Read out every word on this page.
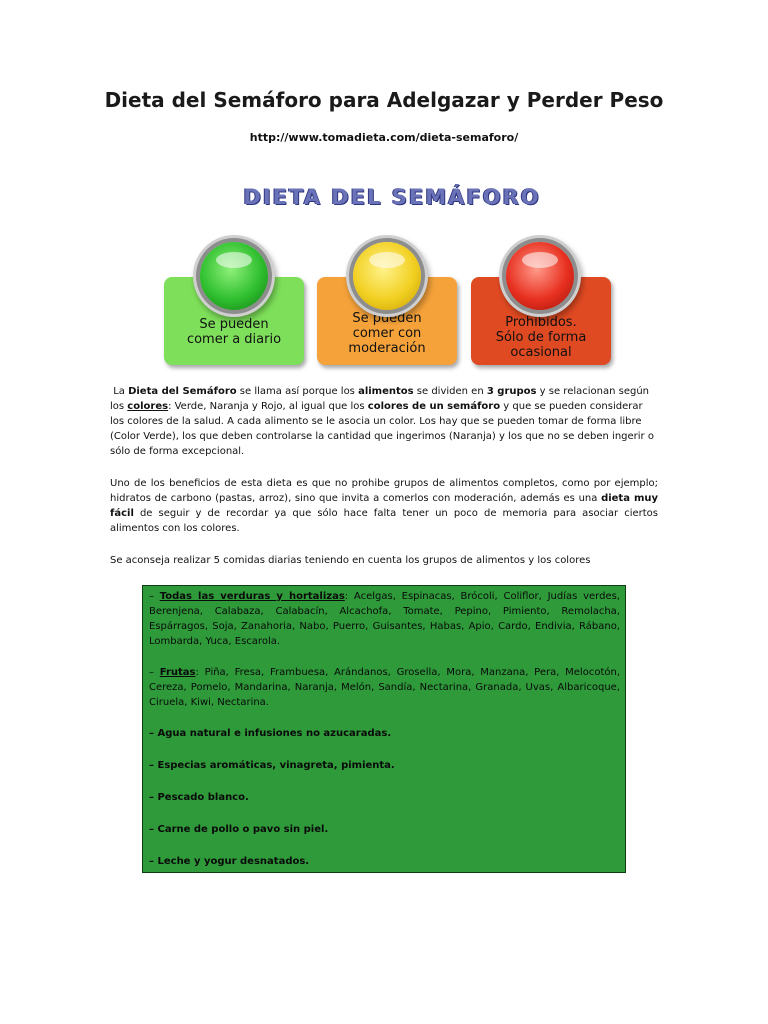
Dieta del Semáforo para Adelgazar y Perder Peso
http://www.tomadieta.com/dieta-semaforo/
DIETA DEL SEMÁFORO
Se pueden
comer a diario
Se pueden
comer con
moderación
Prohibidos.
Sólo de forma
ocasional

La Dieta del Semáforo se llama así porque los alimentos se dividen en 3 grupos y se relacionan según los colores: Verde, Naranja y Rojo, al igual que los colores de un semáforo y que se pueden considerar los colores de la salud. A cada alimento se le asocia un color. Los hay que se pueden tomar de forma libre (Color Verde), los que deben controlarse la cantidad que ingerimos (Naranja) y los que no se deben ingerir o sólo de forma excepcional.

Uno de los beneficios de esta dieta es que no prohibe grupos de alimentos completos, como por ejemplo; hidratos de carbono (pastas, arroz), sino que invita a comerlos con moderación, además es una dieta muy fácil de seguir y de recordar ya que sólo hace falta tener un poco de memoria para asociar ciertos alimentos con los colores.

Se aconseja realizar 5 comidas diarias teniendo en cuenta los grupos de alimentos y los colores

– Todas las verduras y hortalizas: Acelgas, Espinacas, Brócoli, Coliflor, Judías verdes, Berenjena, Calabaza, Calabacín, Alcachofa, Tomate, Pepino, Pimiento, Remolacha, Espárragos, Soja, Zanahoria, Nabo, Puerro, Guisantes, Habas, Apio, Cardo, Endivia, Rábano, Lombarda, Yuca, Escarola.

– Frutas: Piña, Fresa, Frambuesa, Arándanos, Grosella, Mora, Manzana, Pera, Melocotón, Cereza, Pomelo, Mandarina, Naranja, Melón, Sandía, Nectarina, Granada, Uvas, Albaricoque, Ciruela, Kiwi, Nectarina.

– Agua natural e infusiones no azucaradas.

– Especias aromáticas, vinagreta, pimienta.

– Pescado blanco.

– Carne de pollo o pavo sin piel.

– Leche y yogur desnatados.
